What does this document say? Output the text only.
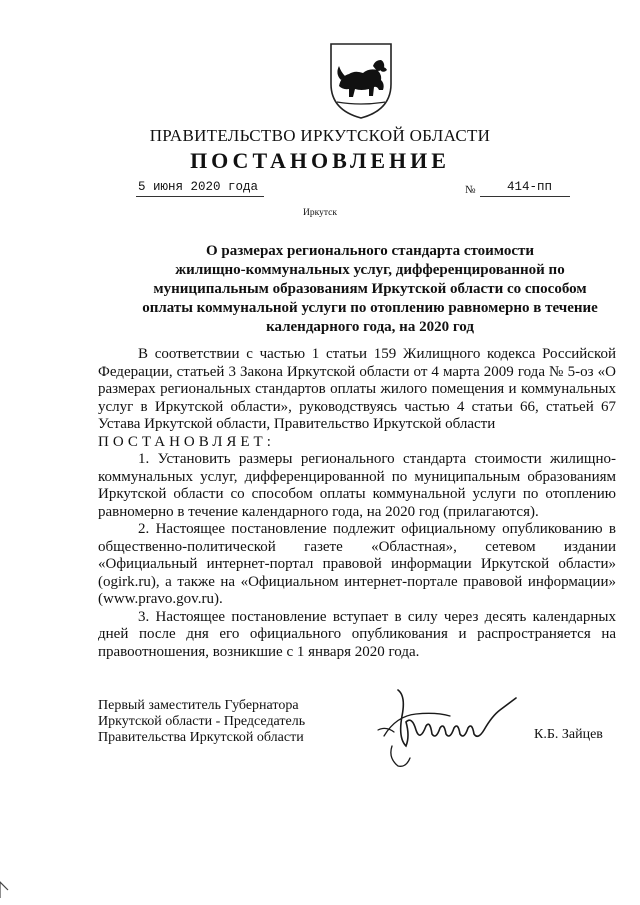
ПРАВИТЕЛЬСТВО ИРКУТСКОЙ ОБЛАСТИ
ПОСТАНОВЛЕНИЕ
5 июня 2020 года	№	414-пп
Иркутск
О размерах регионального стандарта стоимости
жилищно-коммунальных услуг, дифференцированной по
муниципальным образованиям Иркутской области со способом
оплаты коммунальной услуги по отоплению равномерно в течение
календарного года, на 2020 год

В соответствии с частью 1 статьи 159 Жилищного кодекса Российской Федерации, статьей 3 Закона Иркутской области от 4 марта 2009 года № 5-оз «О размерах региональных стандартов оплаты жилого помещения и коммунальных услуг в Иркутской области», руководствуясь частью 4 статьи 66, статьей 67 Устава Иркутской области, Правительство Иркутской области

ПОСТАНОВЛЯЕТ:

1. Установить размеры регионального стандарта стоимости жилищно-коммунальных услуг, дифференцированной по муниципальным образованиям Иркутской области со способом оплаты коммунальной услуги по отоплению равномерно в течение календарного года, на 2020 год (прилагаются).

2. Настоящее постановление подлежит официальному опубликованию в общественно-политической газете «Областная», сетевом издании «Официальный интернет-портал правовой информации Иркутской области» (ogirk.ru), а также на «Официальном интернет-портале правовой информации» (www.pravo.gov.ru).

3. Настоящее постановление вступает в силу через десять календарных дней после дня его официального опубликования и распространяется на правоотношения, возникшие с 1 января 2020 года.

Первый заместитель Губернатора
Иркутской области - Председатель
Правительства Иркутской области	К.Б. Зайцев
